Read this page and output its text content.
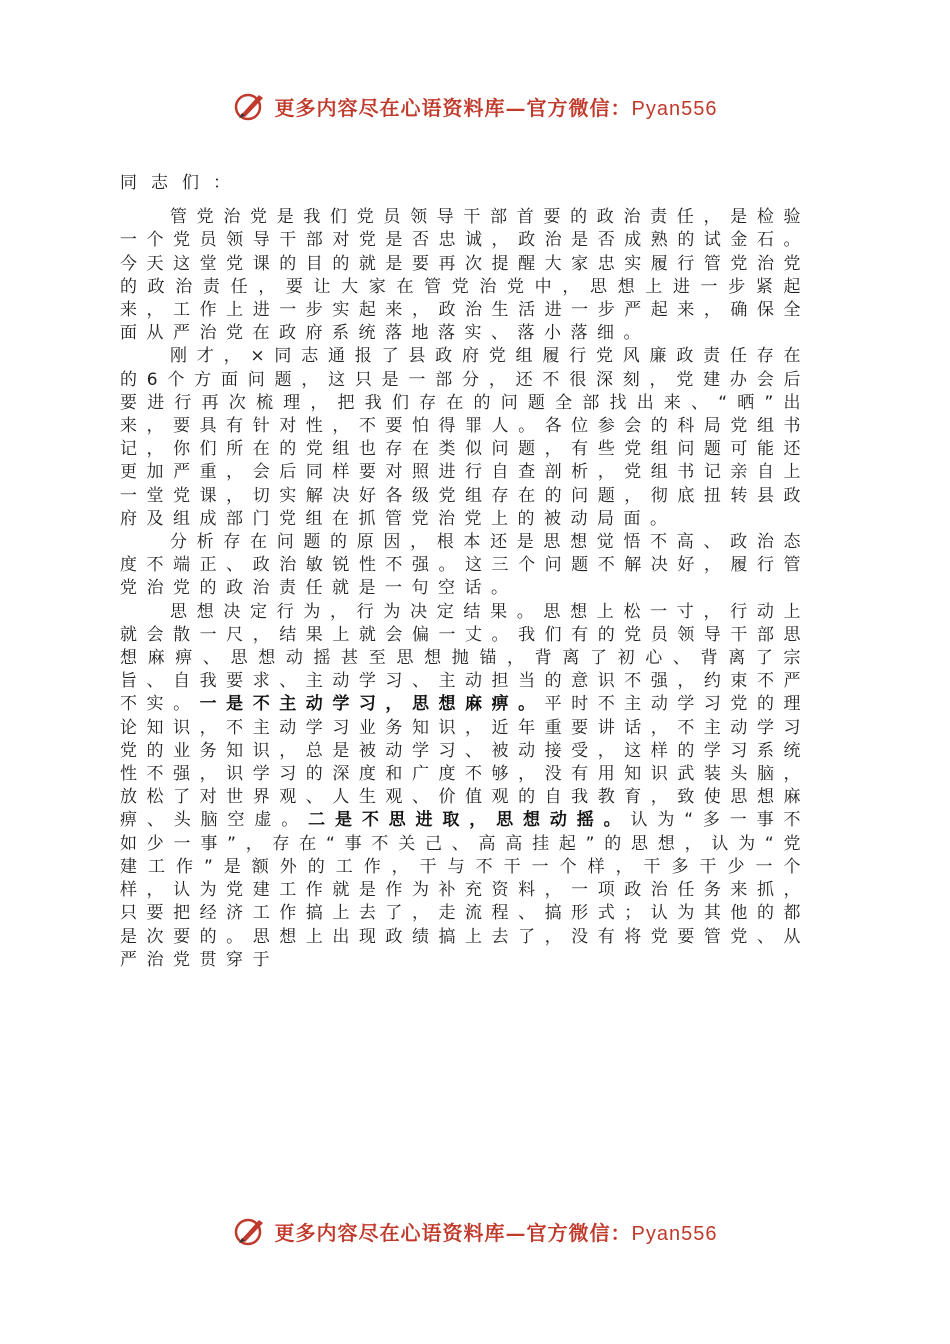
更多内容尽在心语资料库—官方微信：Pyan556

同志们：

管党治党是我们党员领导干部首要的政治责任，是检验一个党员领导干部对党是否忠诚，政治是否成熟的试金石。今天这堂党课的目的就是要再次提醒大家忠实履行管党治党的政治责任，要让大家在管党治党中，思想上进一步紧起来，工作上进一步实起来，政治生活进一步严起来，确保全面从严治党在政府系统落地落实、落小落细。

刚才，×同志通报了县政府党组履行党风廉政责任存在的6个方面问题，这只是一部分，还不很深刻，党建办会后要进行再次梳理，把我们存在的问题全部找出来、“晒”出来，要具有针对性，不要怕得罪人。各位参会的科局党组书记，你们所在的党组也存在类似问题，有些党组问题可能还更加严重，会后同样要对照进行自查剖析，党组书记亲自上一堂党课，切实解决好各级党组存在的问题，彻底扭转县政府及组成部门党组在抓管党治党上的被动局面。

分析存在问题的原因，根本还是思想觉悟不高、政治态度不端正、政治敏锐性不强。这三个问题不解决好，履行管党治党的政治责任就是一句空话。

思想决定行为，行为决定结果。思想上松一寸，行动上就会散一尺，结果上就会偏一丈。我们有的党员领导干部思想麻痹、思想动摇甚至思想抛锚，背离了初心、背离了宗旨、自我要求、主动学习、主动担当的意识不强，约束不严不实。一是不主动学习，思想麻痹。平时不主动学习党的理论知识，不主动学习业务知识，近年重要讲话，不主动学习党的业务知识，总是被动学习、被动接受，这样的学习系统性不强，识学习的深度和广度不够，没有用知识武装头脑，放松了对世界观、人生观、价值观的自我教育，致使思想麻痹、头脑空虚。二是不思进取，思想动摇。认为“多一事不如少一事”，存在“事不关己、高高挂起”的思想，认为“党建工作”是额外的工作，干与不干一个样，干多干少一个样，认为党建工作就是作为补充资料，一项政治任务来抓，只要把经济工作搞上去了，走流程、搞形式；认为其他的都是次要的。思想上出现政绩搞上去了，没有将党要管党、从严治党贯穿于

更多内容尽在心语资料库—官方微信：Pyan556
